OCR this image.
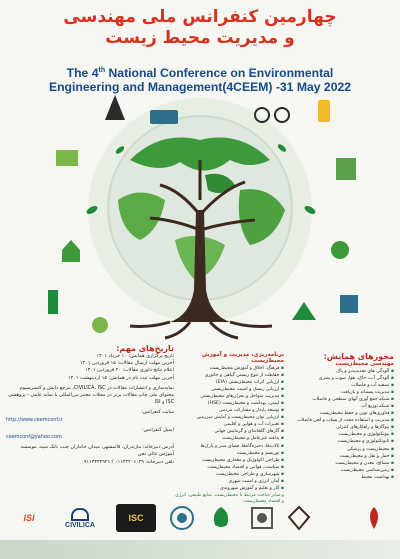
چهارمین کنفرانس ملی مهندسی
و مدیریت محیط زیست
The 4th National Conference on Environmental
Engineering and Management(4CEEM) -31 May 2022
محورهای همایش:
مهندسی محیط‌زیست
▪ آلودگی های تجدیدپذیر و پاک
▪ آلودگی آب، خاک، هوا، صوت و بصری
▪ تصفیه آب و فاضلاب
▪ مدیریت پسماند و بازیافت
▪ شبکه جمع آوری آبهای سطحی و فاضلاب
▪ شبکه توزیع آب
▪ فناوری‌های نوین و حفظ محیط‌زیست
▪ مدیریت و استفاده مجدد از پساب و لجن فاضلاب
▪ بیوگازها و راهکارهای کنترلی
▪ بیوتکنولوژی و محیط‌زیست
▪ نانوتکنولوژی و محیط‌زیست
▪ محیط‌زیست و پزشکی
▪ حمل و نقل و محیط‌زیست
▪ مصالح، معدن و محیط‌زیست
▪ زمین‌شناسی محیط‌زیست
▪ بهداشت محیط
برنامه‌ریزی، مدیریت و آموزش محیط‌زیست
▪ فرهنگ، اخلاق و آموزش محیط‌زیست
▪ حفاظت از تنوع زیستی گیاهی و جانوری
▪ ارزیابی اثرات محیط‌زیستی (EIA)
▪ ارزیابی ریسک و امنیت محیط‌زیستی
▪ مدیریت سواحل و بحران‌های محیط‌زیستی
▪ ایمنی، بهداشت و محیط‌زیست (HSE)
▪ توسعه پایدار و مشارکت مردمی
▪ ارزیابی توان محیط‌زیست و آمایش سرزمین
▪ تغییرات آب و هوایی و اقلیمی
▪ گازهای گلخانه‌ای و گرمایش جهانی
▪ پدافند غیرعامل و محیط‌زیست
▪ تالاب‌ها، ذخیره‌گاه‌ها، فضای سبز و پارک‌ها
▪ توریسم و محیط‌زیست
▪ طراحی اکولوژیک و معماری محیط‌زیست
▪ سیاست، قوانین و اقتصاد محیط‌زیست
▪ شهرسازی و طراحی محیط‌زیست
▪ آمار، انرژی و امنیت شهری
▪ آثار و تعلیم و آموزش شهروندی
و سایر مباحث مرتبط با محیط‌زیست، منابع طبیعی، انرژی و اقتصاد محیط‌زیست
تاریخ‌های مهم:
تاریخ برگزاری همایش: ۱۰ خرداد ۱۴۰۱
آخرین مهلت ارسال مقالات: ۱۵ فروردین ۱۴۰۱
اعلام نتایج داوری مقالات: ۲۰ فروردین ۱۴۰۱
آخرین مهلت ثبت نام در همایش: ۱۵ اردیبهشت ۱۴۰۱

نمایه‌سازی و انتشارات مقالات در CIVILICA، ISC، مرجع دانش و کنسرسیوم محتوای ملی چاپ مقالات برتر در مجلات معتبر بین‌المللی با نمایه علمی - پژوهشی ISC و ISI

سایت کنفرانس:

http://www.ceemconf.ir

ایمیل کنفرانس:

ceemconf@yahoo.com

آدرس دبیرخانه: مازندران، قائمشهر، میدان جانبازان جنب بانک سپه، موسسه آموزش عالی تجن

تلفن دبیرخانه: ۰۱۱۴۲۲۰۶۰۲۹ / ۰۹۱۱۴۳۴۴۹۲۱
ISI
CIVILICA
ISC
